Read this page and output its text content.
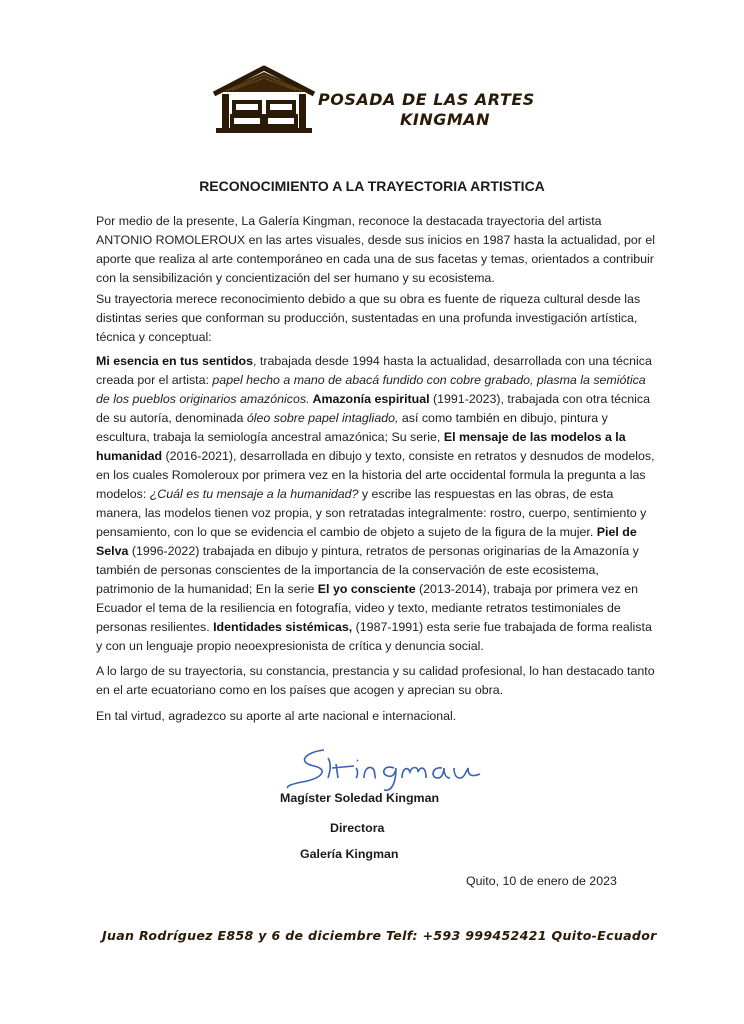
POSADA DE LAS ARTES
KINGMAN
RECONOCIMIENTO A LA TRAYECTORIA ARTISTICA

Por medio de la presente, La Galería Kingman, reconoce la destacada trayectoria del artista ANTONIO ROMOLEROUX en las artes visuales, desde sus inicios en 1987 hasta la actualidad, por el aporte que realiza al arte contemporáneo en cada una de sus facetas y temas, orientados a contribuir con la sensibilización y concientización del ser humano y su ecosistema.

Su trayectoria merece reconocimiento debido a que su obra es fuente de riqueza cultural desde las distintas series que conforman su producción, sustentadas en una profunda investigación artística, técnica y conceptual:

Mi esencia en tus sentidos, trabajada desde 1994 hasta la actualidad, desarrollada con una técnica creada por el artista: papel hecho a mano de abacá fundido con cobre grabado, plasma la semiótica de los pueblos originarios amazónicos. Amazonía espiritual (1991-2023), trabajada con otra técnica de su autoría, denominada óleo sobre papel intagliado, así como también en dibujo, pintura y escultura, trabaja la semiología ancestral amazónica; Su serie, El mensaje de las modelos a la humanidad (2016-2021), desarrollada en dibujo y texto, consiste en retratos y desnudos de modelos, en los cuales Romoleroux por primera vez en la historia del arte occidental formula la pregunta a las modelos: ¿Cuál es tu mensaje a la humanidad? y escribe las respuestas en las obras, de esta manera, las modelos tienen voz propia, y son retratadas integralmente: rostro, cuerpo, sentimiento y pensamiento, con lo que se evidencia el cambio de objeto a sujeto de la figura de la mujer. Piel de Selva (1996-2022) trabajada en dibujo y pintura, retratos de personas originarias de la Amazonía y también de personas conscientes de la importancia de la conservación de este ecosistema, patrimonio de la humanidad; En la serie El yo consciente (2013-2014), trabaja por primera vez en Ecuador el tema de la resiliencia en fotografía, video y texto, mediante retratos testimoniales de personas resilientes. Identidades sistémicas, (1987-1991) esta serie fue trabajada de forma realista y con un lenguaje propio neoexpresionista de crítica y denuncia social.

A lo largo de su trayectoria, su constancia, prestancia y su calidad profesional, lo han destacado tanto en el arte ecuatoriano como en los países que acogen y aprecian su obra.

En tal virtud, agradezco su aporte al arte nacional e internacional.

Magíster Soledad Kingman
Directora
Galería Kingman
Quito, 10 de enero de 2023
Juan Rodríguez E858 y 6 de diciembre Telf: +593 999452421 Quito-Ecuador
